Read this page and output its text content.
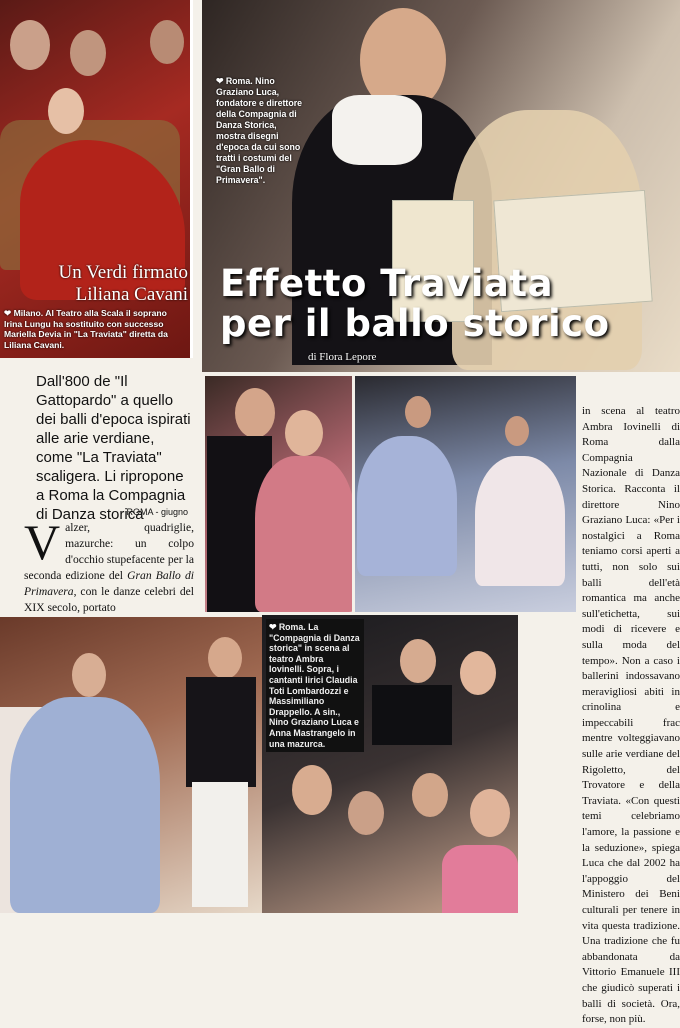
Un Verdi firmato
Liliana Cavani
❤ Milano. Al Teatro alla Scala il soprano Irina Lungu ha sostituito con successo Mariella Devia in "La Traviata" diretta da Liliana Cavani.
❤ Roma. Nino Graziano Luca, fondatore e direttore della Compagnia di Danza Storica, mostra disegni d'epoca da cui sono tratti i costumi del "Gran Ballo di Primavera".
Effetto Traviata
per il ballo storico
di Flora Lepore
Dall'800 de "Il Gattopardo" a quello dei balli d'epoca ispirati alle arie verdiane, come "La Traviata" scaligera. Li ripropone a Roma la Compagnia di Danza storica
ROMA - giugno
V alzer, quadriglie, mazurche: un colpo d'occhio stupefacente per la seconda edizione del Gran Ballo di Primavera, con le danze celebri del XIX secolo, portato
in scena al teatro Ambra Iovinelli di Roma dalla Compagnia Nazionale di Danza Storica. Racconta il direttore Nino Graziano Luca: «Per i nostalgici a Roma teniamo corsi aperti a tutti, non solo sui balli dell'età romantica ma anche sull'etichetta, sui modi di ricevere e sulla moda del tempo». Non a caso i ballerini indossavano meravigliosi abiti in crinolina e impeccabili frac mentre volteggiavano sulle arie verdiane del Rigoletto, del Trovatore e della Traviata. «Con questi temi celebriamo l'amore, la passione e la seduzione», spiega Luca che dal 2002 ha l'appoggio del Ministero dei Beni culturali per tenere in vita questa tradizione. Una tradizione che fu abbandonata da Vittorio Emanuele III che giudicò superati i balli di società. Ora, forse, non più.
❤ Roma. La "Compagnia di Danza storica" in scena al teatro Ambra Iovinelli. Sopra, i cantanti lirici Claudia Toti Lombardozzi e Massimiliano Drappello. A sin., Nino Graziano Luca e Anna Mastrangelo in una mazurca.
